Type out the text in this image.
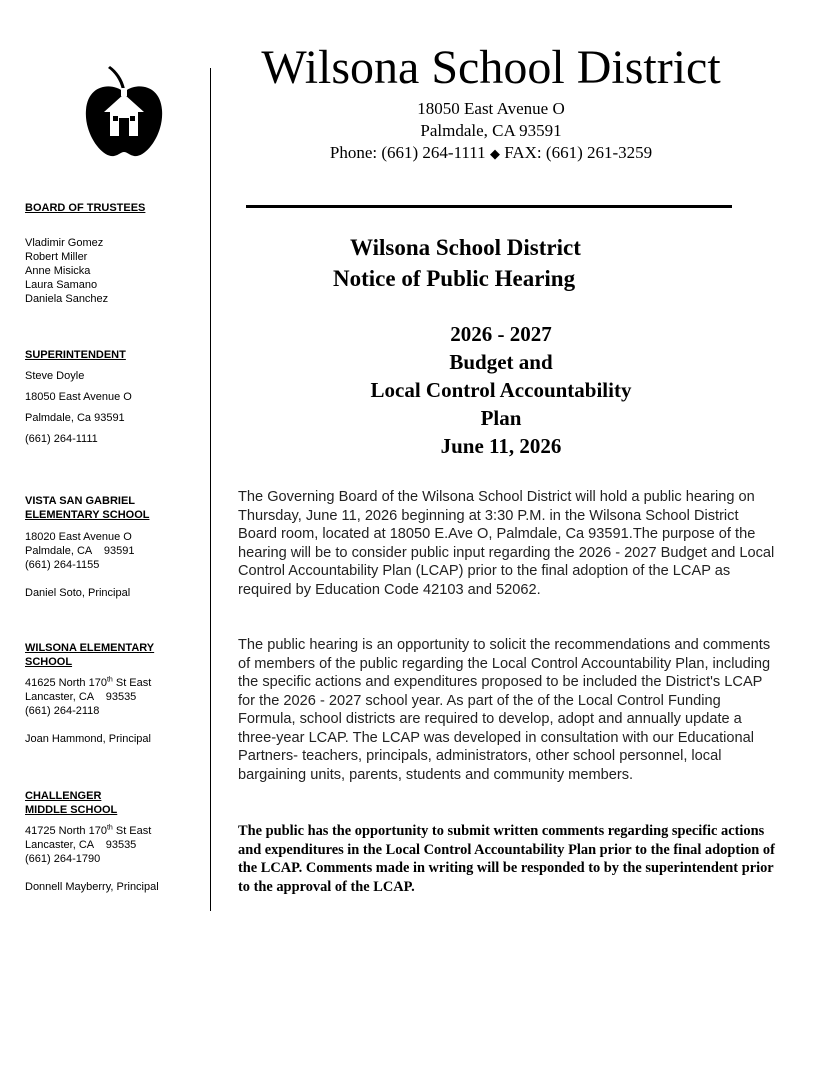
BOARD OF TRUSTEES
Vladimir Gomez
Robert Miller
Anne Misicka
Laura Samano
Daniela Sanchez
SUPERINTENDENT
Steve Doyle
18050 East Avenue O
Palmdale, Ca 93591
(661) 264-1111
VISTA SAN GABRIEL
ELEMENTARY SCHOOL
18020 East Avenue O
Palmdale, CA    93591
(661) 264-1155
Daniel Soto, Principal
WILSONA ELEMENTARY
SCHOOL
41625 North 170th St East
Lancaster, CA    93535
(661) 264-2118
Joan Hammond, Principal
CHALLENGER
MIDDLE SCHOOL
41725 North 170th St East
Lancaster, CA    93535
(661) 264-1790
Donnell Mayberry, Principal
Wilsona School District
18050 East Avenue O
Palmdale, CA 93591
Phone: (661) 264-1111 ◆ FAX: (661) 261-3259
Wilsona School District
Notice of Public Hearing
2026 - 2027
Budget and
Local Control Accountability
Plan
June 11, 2026
The Governing Board of the Wilsona School District will hold a public hearing on Thursday, June 11, 2026 beginning at 3:30 P.M. in the Wilsona School District Board room, located at 18050 E.Ave O, Palmdale, Ca 93591.The purpose of the hearing will be to consider public input regarding the 2026 - 2027 Budget and Local Control Accountability Plan (LCAP) prior to the final adoption of the LCAP as required by Education Code 42103 and 52062.
The public hearing is an opportunity to solicit the recommendations and comments of members of the public regarding the Local Control Accountability Plan, including the specific actions and expenditures proposed to be included the District's LCAP for the 2026 - 2027 school year. As part of the of the Local Control Funding Formula, school districts are required to develop, adopt and annually update a three-year LCAP. The LCAP was developed in consultation with our Educational Partners- teachers, principals, administrators, other school personnel, local bargaining units, parents, students and community members.
The public has the opportunity to submit written comments regarding specific actions and expenditures in the Local Control Accountability Plan prior to the final adoption of the LCAP. Comments made in writing will be responded to by the superintendent prior to the approval of the LCAP.
